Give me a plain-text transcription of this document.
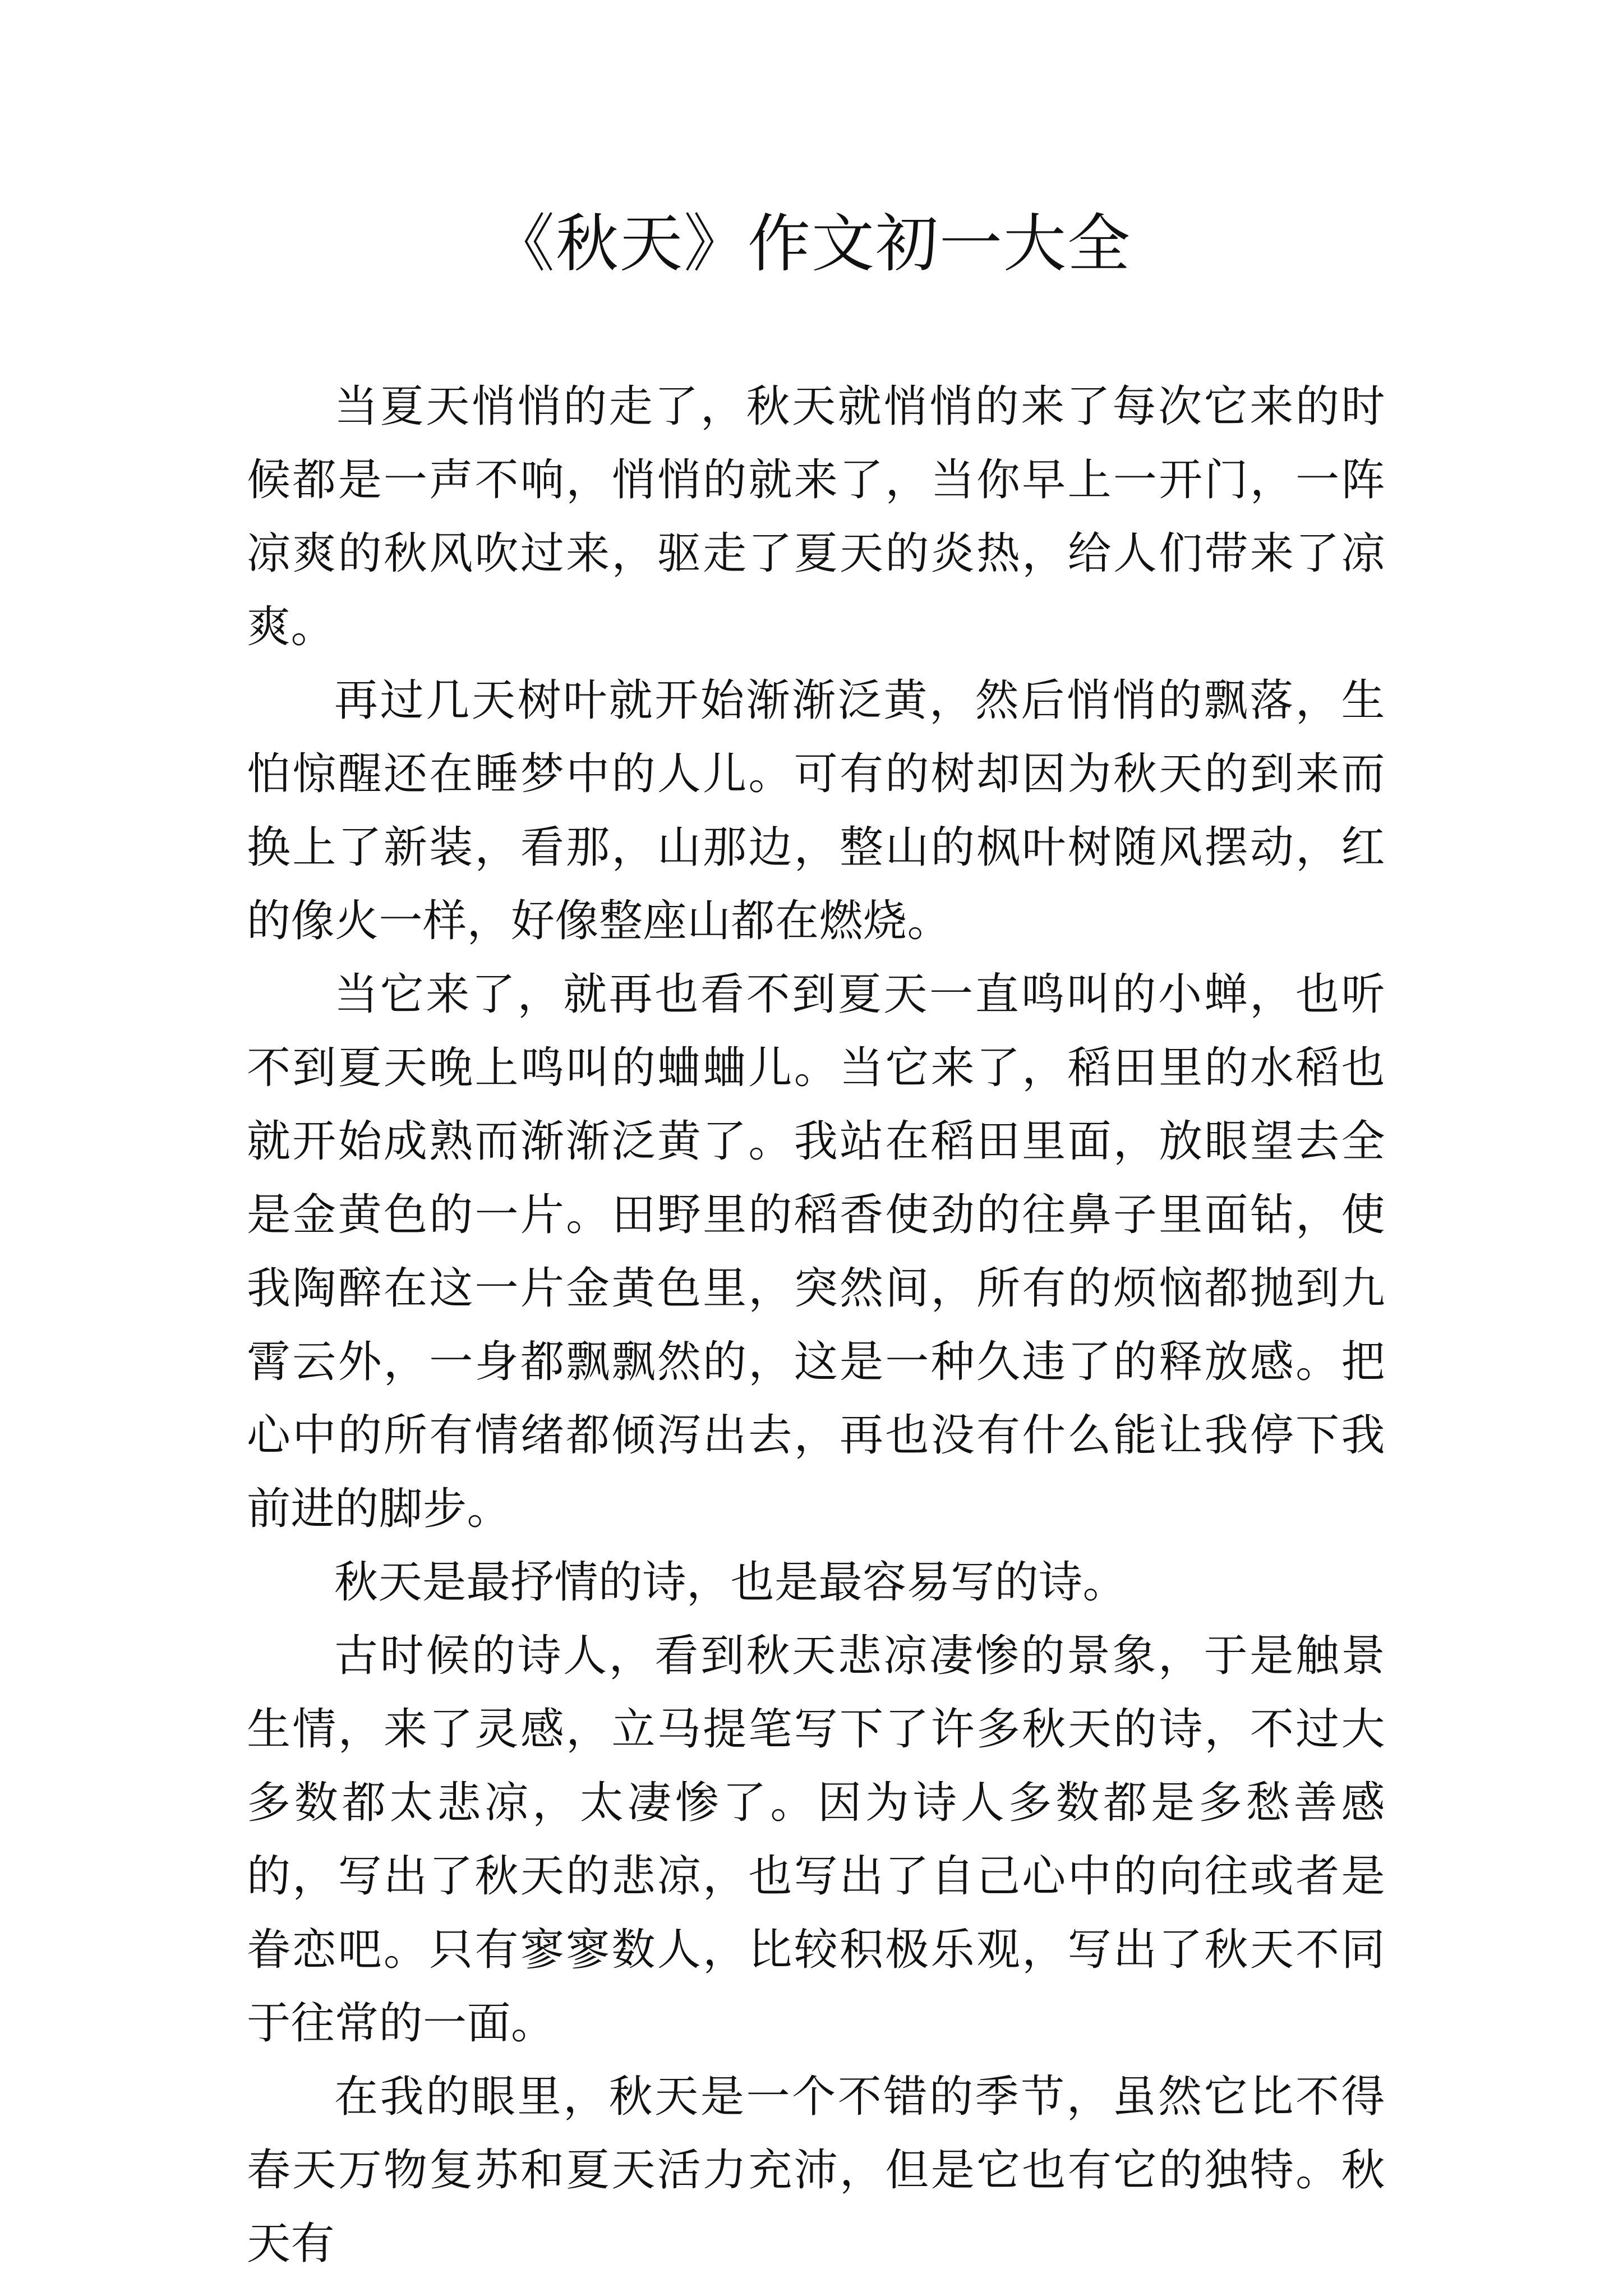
《秋天》作文初一大全

当夏天悄悄的走了，秋天就悄悄的来了每次它来的时候都是一声不响，悄悄的就来了，当你早上一开门，一阵凉爽的秋风吹过来，驱走了夏天的炎热，给人们带来了凉爽。

再过几天树叶就开始渐渐泛黄，然后悄悄的飘落，生怕惊醒还在睡梦中的人儿。可有的树却因为秋天的到来而换上了新装，看那，山那边，整山的枫叶树随风摆动，红的像火一样，好像整座山都在燃烧。

当它来了，就再也看不到夏天一直鸣叫的小蝉，也听不到夏天晚上鸣叫的蛐蛐儿。当它来了，稻田里的水稻也就开始成熟而渐渐泛黄了。我站在稻田里面，放眼望去全是金黄色的一片。田野里的稻香使劲的往鼻子里面钻，使我陶醉在这一片金黄色里，突然间，所有的烦恼都抛到九霄云外，一身都飘飘然的，这是一种久违了的释放感。把心中的所有情绪都倾泻出去，再也没有什么能让我停下我前进的脚步。

秋天是最抒情的诗，也是最容易写的诗。

古时候的诗人，看到秋天悲凉凄惨的景象，于是触景生情，来了灵感，立马提笔写下了许多秋天的诗，不过大多数都太悲凉，太凄惨了。因为诗人多数都是多愁善感的，写出了秋天的悲凉，也写出了自己心中的向往或者是眷恋吧。只有寥寥数人，比较积极乐观，写出了秋天不同于往常的一面。

在我的眼里，秋天是一个不错的季节，虽然它比不得春天万物复苏和夏天活力充沛，但是它也有它的独特。秋天有
